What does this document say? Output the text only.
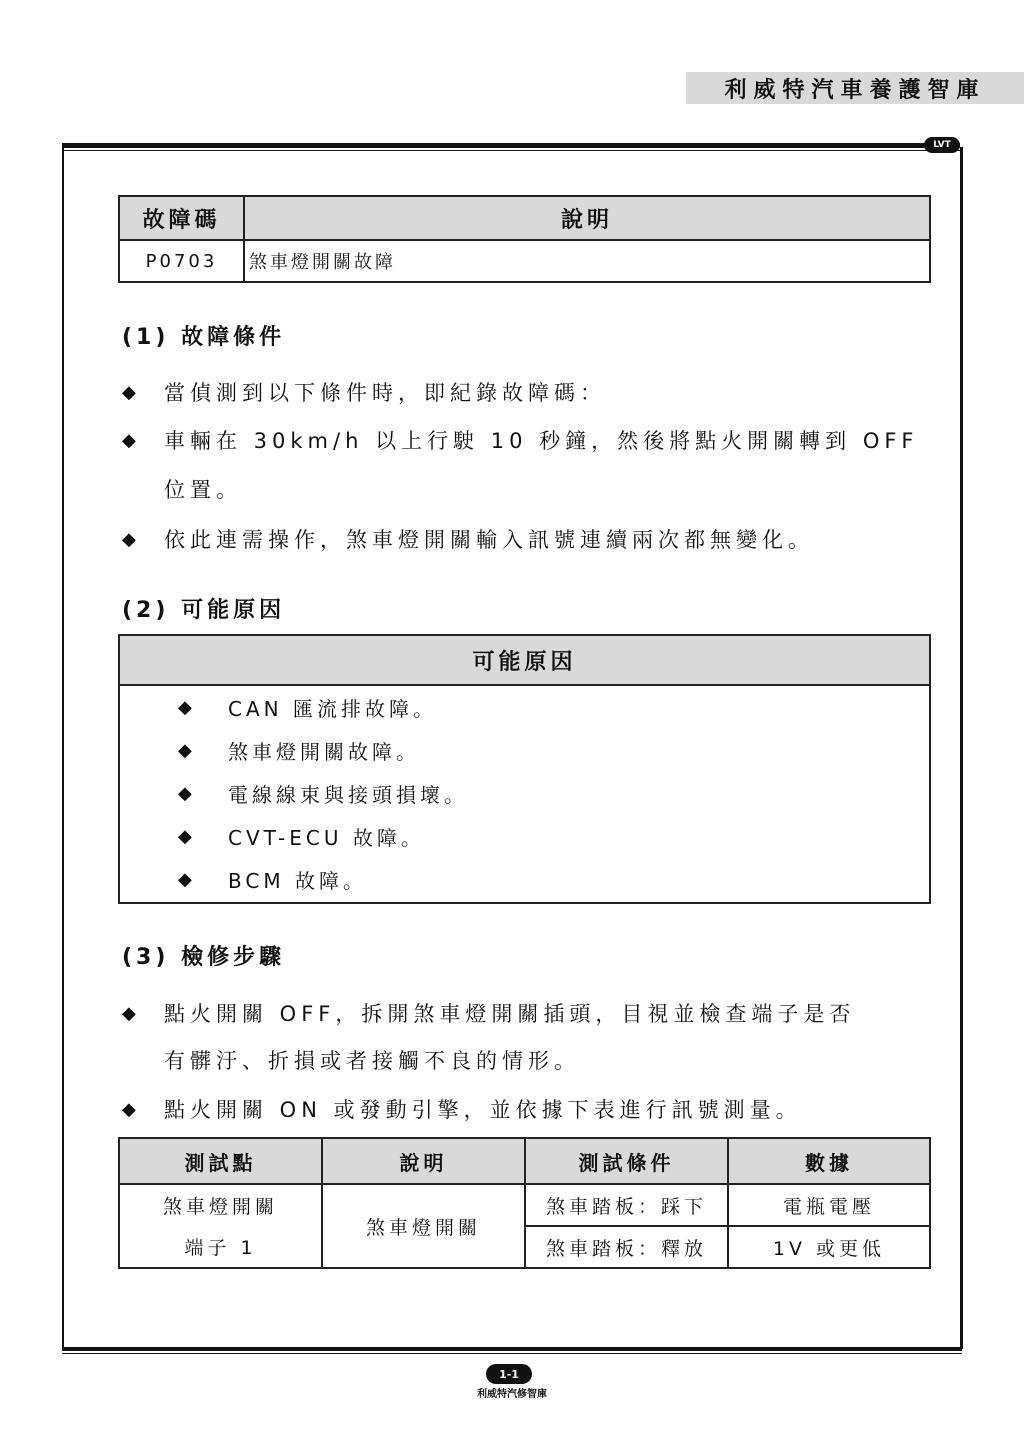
利威特汽車養護智庫
LVT
故障碼	說明
P0703	煞車燈開關故障
(1) 故障條件
◆	當偵測到以下條件時，即紀錄故障碼：
◆	車輛在 30km/h 以上行駛 10 秒鐘，然後將點火開關轉到 OFF
位置。
◆	依此連需操作，煞車燈開關輸入訊號連續兩次都無變化。
(2) 可能原因
可能原因
◆	CAN 匯流排故障。
◆	煞車燈開關故障。
◆	電線線束與接頭損壞。
◆	CVT-ECU 故障。
◆	BCM 故障。
(3) 檢修步驟
◆	點火開關 OFF，拆開煞車燈開關插頭，目視並檢查端子是否
有髒汙、折損或者接觸不良的情形。
◆	點火開關 ON 或發動引擎，並依據下表進行訊號測量。
測試點	說明	測試條件	數據
煞車燈開關	煞車燈開關	煞車踏板：踩下	電瓶電壓
端子 1		煞車踏板：釋放	1V 或更低
1-1
利威特汽修智庫
